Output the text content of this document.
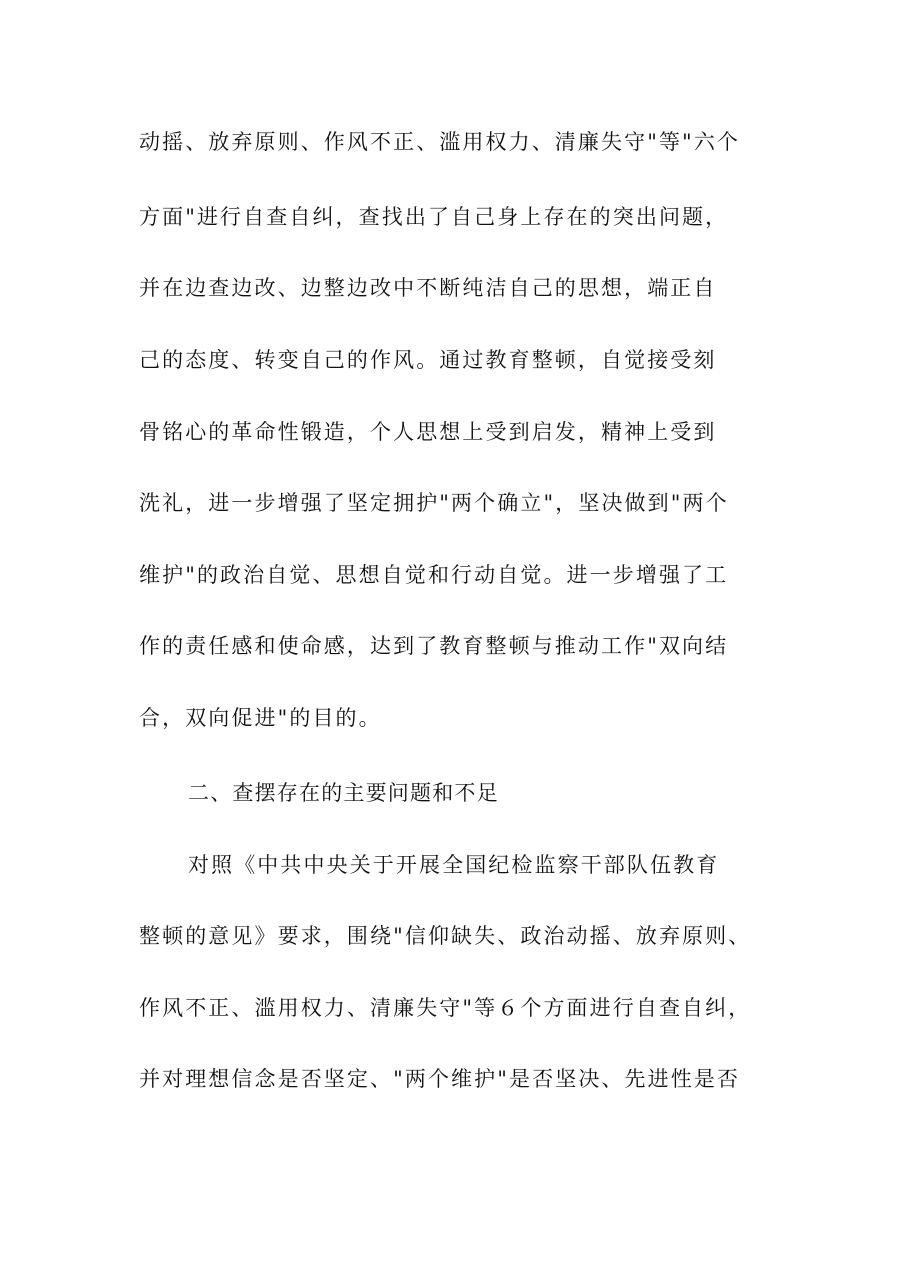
动摇、放弃原则、作风不正、滥用权力、清廉失守"等"六个
方面"进行自查自纠，查找出了自己身上存在的突出问题，
并在边查边改、边整边改中不断纯洁自己的思想，端正自
己的态度、转变自己的作风。通过教育整顿，自觉接受刻
骨铭心的革命性锻造，个人思想上受到启发，精神上受到
洗礼，进一步增强了坚定拥护"两个确立"，坚决做到"两个
维护"的政治自觉、思想自觉和行动自觉。进一步增强了工
作的责任感和使命感，达到了教育整顿与推动工作"双向结
合，双向促进"的目的。
二、查摆存在的主要问题和不足
对照《中共中央关于开展全国纪检监察干部队伍教育
整顿的意见》要求，围绕"信仰缺失、政治动摇、放弃原则、
作风不正、滥用权力、清廉失守"等６个方面进行自查自纠，
并对理想信念是否坚定、"两个维护"是否坚决、先进性是否
